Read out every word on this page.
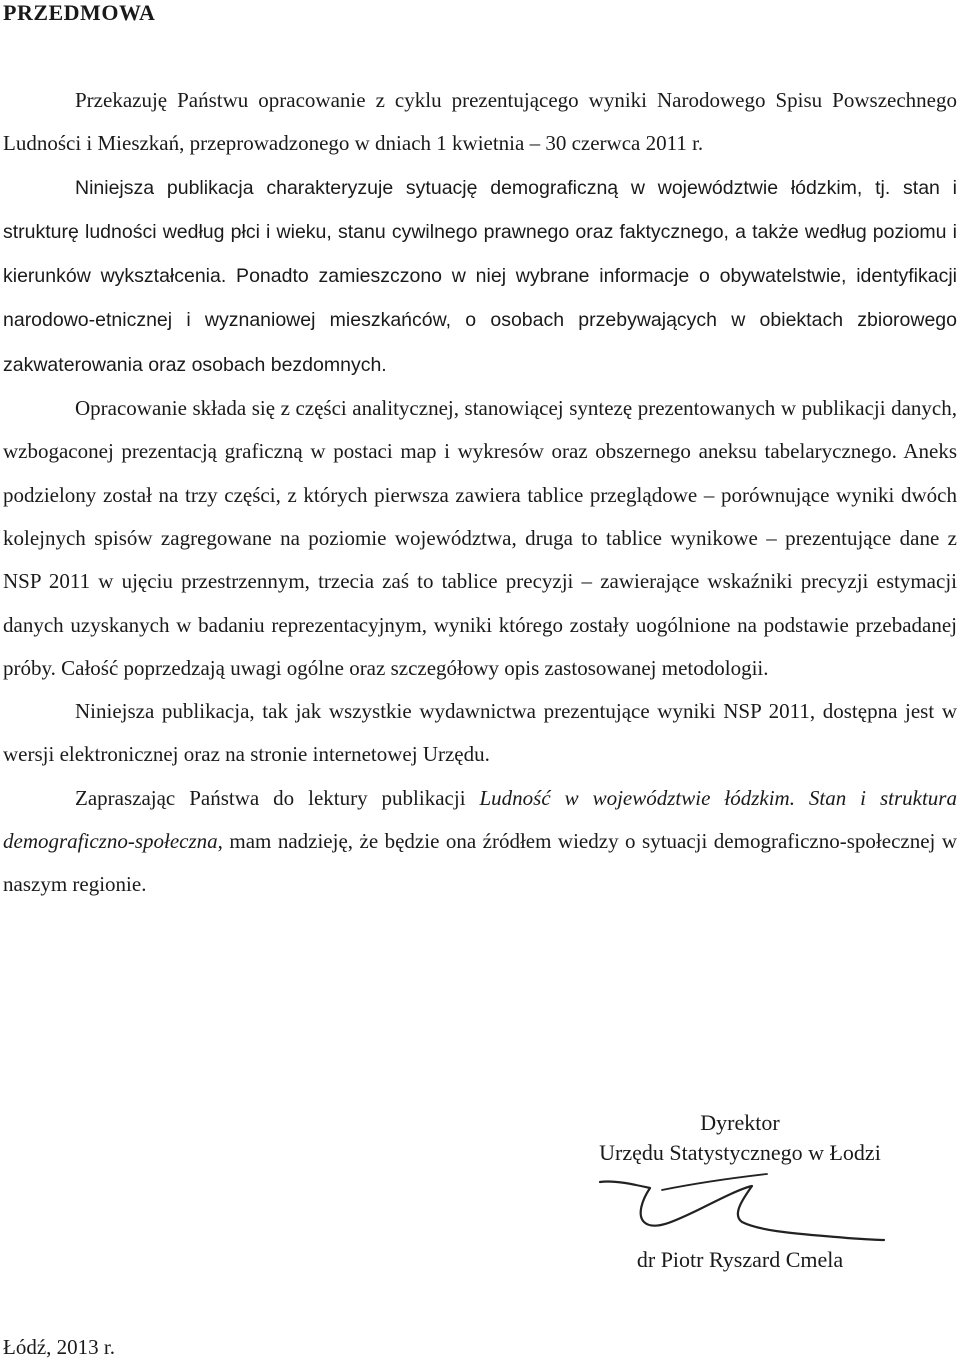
PRZEDMOWA

Przekazuję Państwu opracowanie z cyklu prezentującego wyniki Narodowego Spisu Powszechnego Ludności i Mieszkań, przeprowadzonego w dniach 1 kwietnia – 30 czerwca 2011 r.

Niniejsza publikacja charakteryzuje sytuację demograficzną w województwie łódzkim, tj. stan i strukturę ludności według płci i wieku, stanu cywilnego prawnego oraz faktycznego, a także według poziomu i kierunków wykształcenia. Ponadto zamieszczono w niej wybrane informacje o obywatelstwie, identyfikacji narodowo-etnicznej i wyznaniowej mieszkańców, o osobach przebywających w obiektach zbiorowego zakwaterowania oraz osobach bezdomnych.

Opracowanie składa się z części analitycznej, stanowiącej syntezę prezentowanych w publikacji danych, wzbogaconej prezentacją graficzną w postaci map i wykresów oraz obszernego aneksu tabelarycznego. Aneks podzielony został na trzy części, z których pierwsza zawiera tablice przeglądowe – porównujące wyniki dwóch kolejnych spisów zagregowane na poziomie województwa, druga to tablice wynikowe – prezentujące dane z NSP 2011 w ujęciu przestrzennym, trzecia zaś to tablice precyzji – zawierające wskaźniki precyzji estymacji danych uzyskanych w badaniu reprezentacyjnym, wyniki którego zostały uogólnione na podstawie przebadanej próby. Całość poprzedzają uwagi ogólne oraz szczegółowy opis zastosowanej metodologii.

Niniejsza publikacja, tak jak wszystkie wydawnictwa prezentujące wyniki NSP 2011, dostępna jest w wersji elektronicznej oraz na stronie internetowej Urzędu.

Zapraszając Państwa do lektury publikacji Ludność w województwie łódzkim. Stan i struktura demograficzno-społeczna, mam nadzieję, że będzie ona źródłem wiedzy o sytuacji demograficzno-społecznej w naszym regionie.

Dyrektor
Urzędu Statystycznego w Łodzi
dr Piotr Ryszard Cmela
Łódź, 2013 r.
